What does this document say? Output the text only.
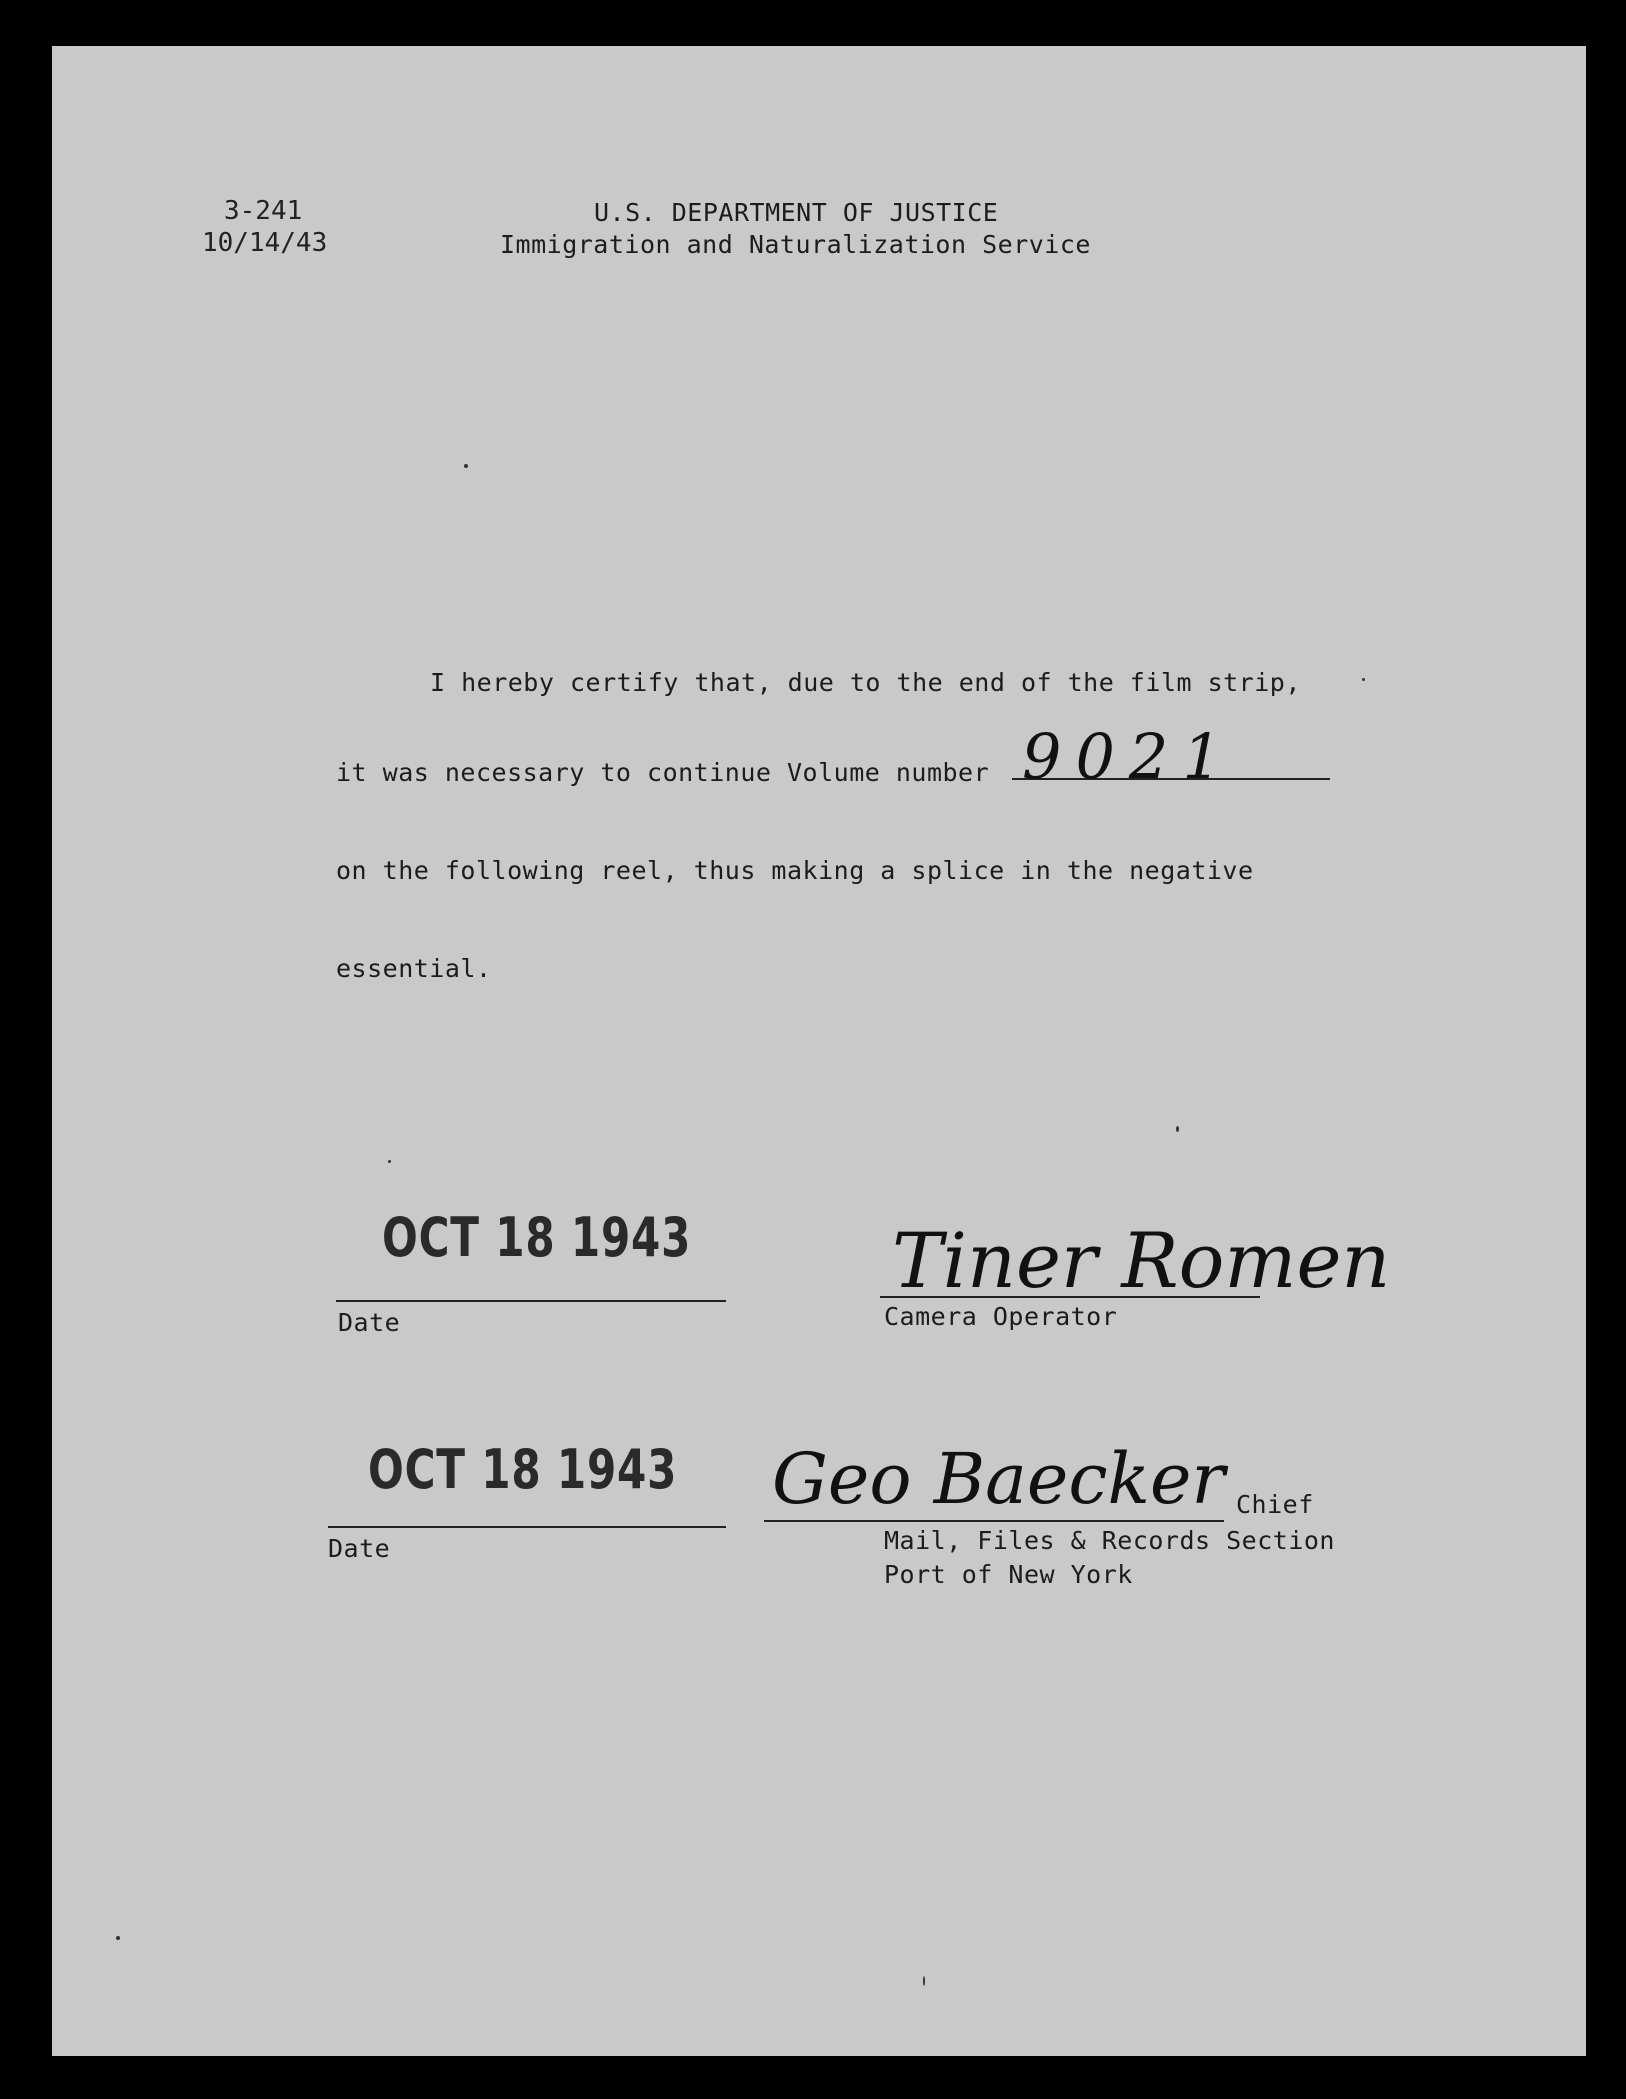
3-241
10/14/43
U.S. DEPARTMENT OF JUSTICE
Immigration and Naturalization Service
I hereby certify that, due to the end of the film strip,
it was necessary to continue Volume number 9021
on the following reel, thus making a splice in the negative
essential.
OCT 18 1943
Date
Tiner Romen
Camera Operator
OCT 18 1943
Date
Geo Baecker Chief
Mail, Files & Records Section
Port of New York
